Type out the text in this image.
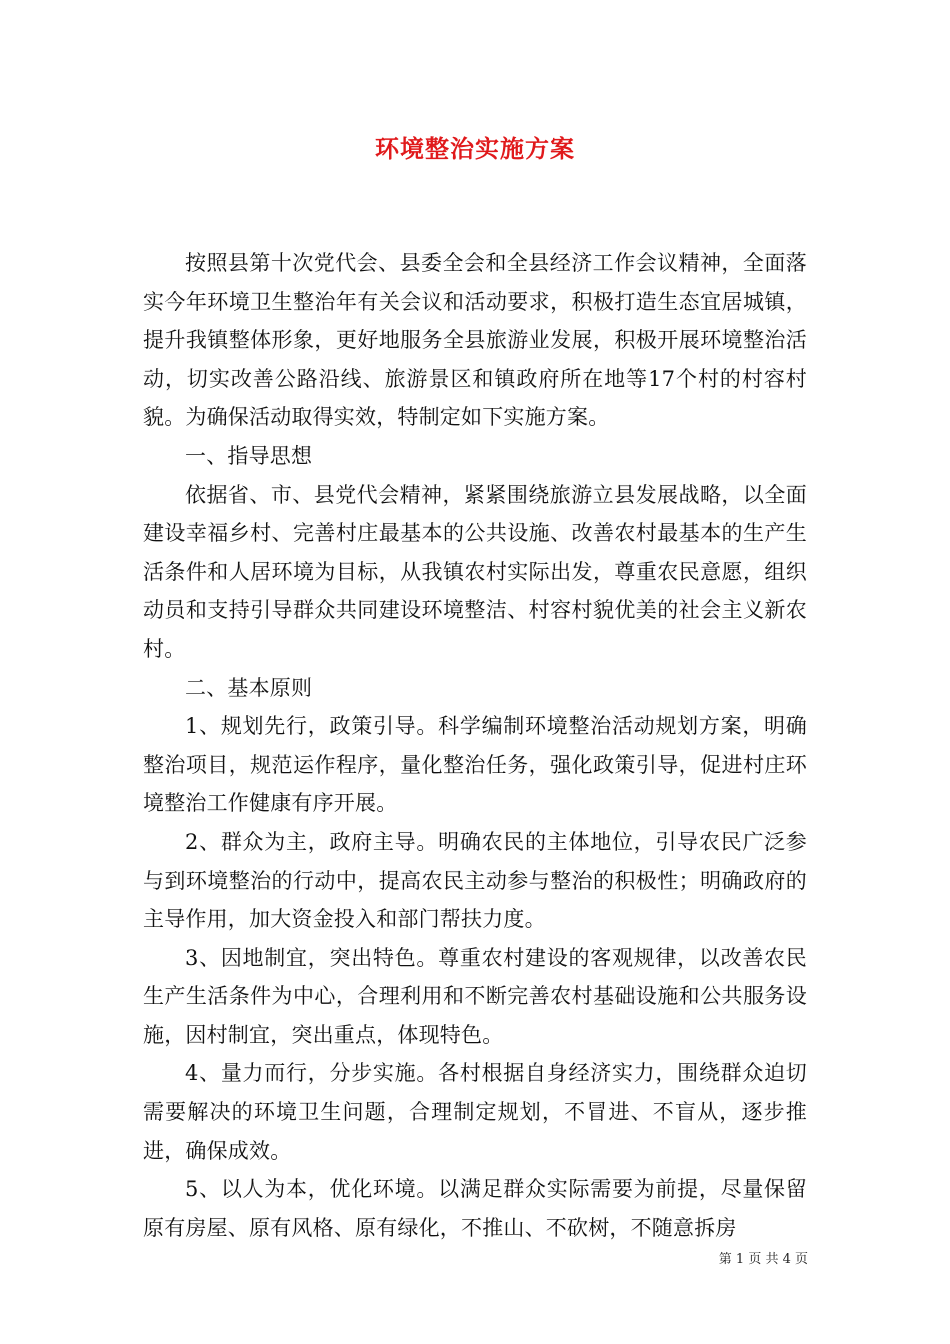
环境整治实施方案

按照县第十次党代会、县委全会和全县经济工作会议精神，全面落实今年环境卫生整治年有关会议和活动要求，积极打造生态宜居城镇，提升我镇整体形象，更好地服务全县旅游业发展，积极开展环境整治活动，切实改善公路沿线、旅游景区和镇政府所在地等17个村的村容村貌。为确保活动取得实效，特制定如下实施方案。

一、指导思想

依据省、市、县党代会精神，紧紧围绕旅游立县发展战略，以全面建设幸福乡村、完善村庄最基本的公共设施、改善农村最基本的生产生活条件和人居环境为目标，从我镇农村实际出发，尊重农民意愿，组织动员和支持引导群众共同建设环境整洁、村容村貌优美的社会主义新农村。

二、基本原则

1、规划先行，政策引导。科学编制环境整治活动规划方案，明确整治项目，规范运作程序，量化整治任务，强化政策引导，促进村庄环境整治工作健康有序开展。

2、群众为主，政府主导。明确农民的主体地位，引导农民广泛参与到环境整治的行动中，提高农民主动参与整治的积极性；明确政府的主导作用，加大资金投入和部门帮扶力度。

3、因地制宜，突出特色。尊重农村建设的客观规律，以改善农民生产生活条件为中心，合理利用和不断完善农村基础设施和公共服务设施，因村制宜，突出重点，体现特色。

4、量力而行，分步实施。各村根据自身经济实力，围绕群众迫切需要解决的环境卫生问题，合理制定规划，不冒进、不盲从，逐步推进，确保成效。

5、以人为本，优化环境。以满足群众实际需要为前提，尽量保留原有房屋、原有风格、原有绿化，不推山、不砍树，不随意拆房

第 1 页 共 4 页
